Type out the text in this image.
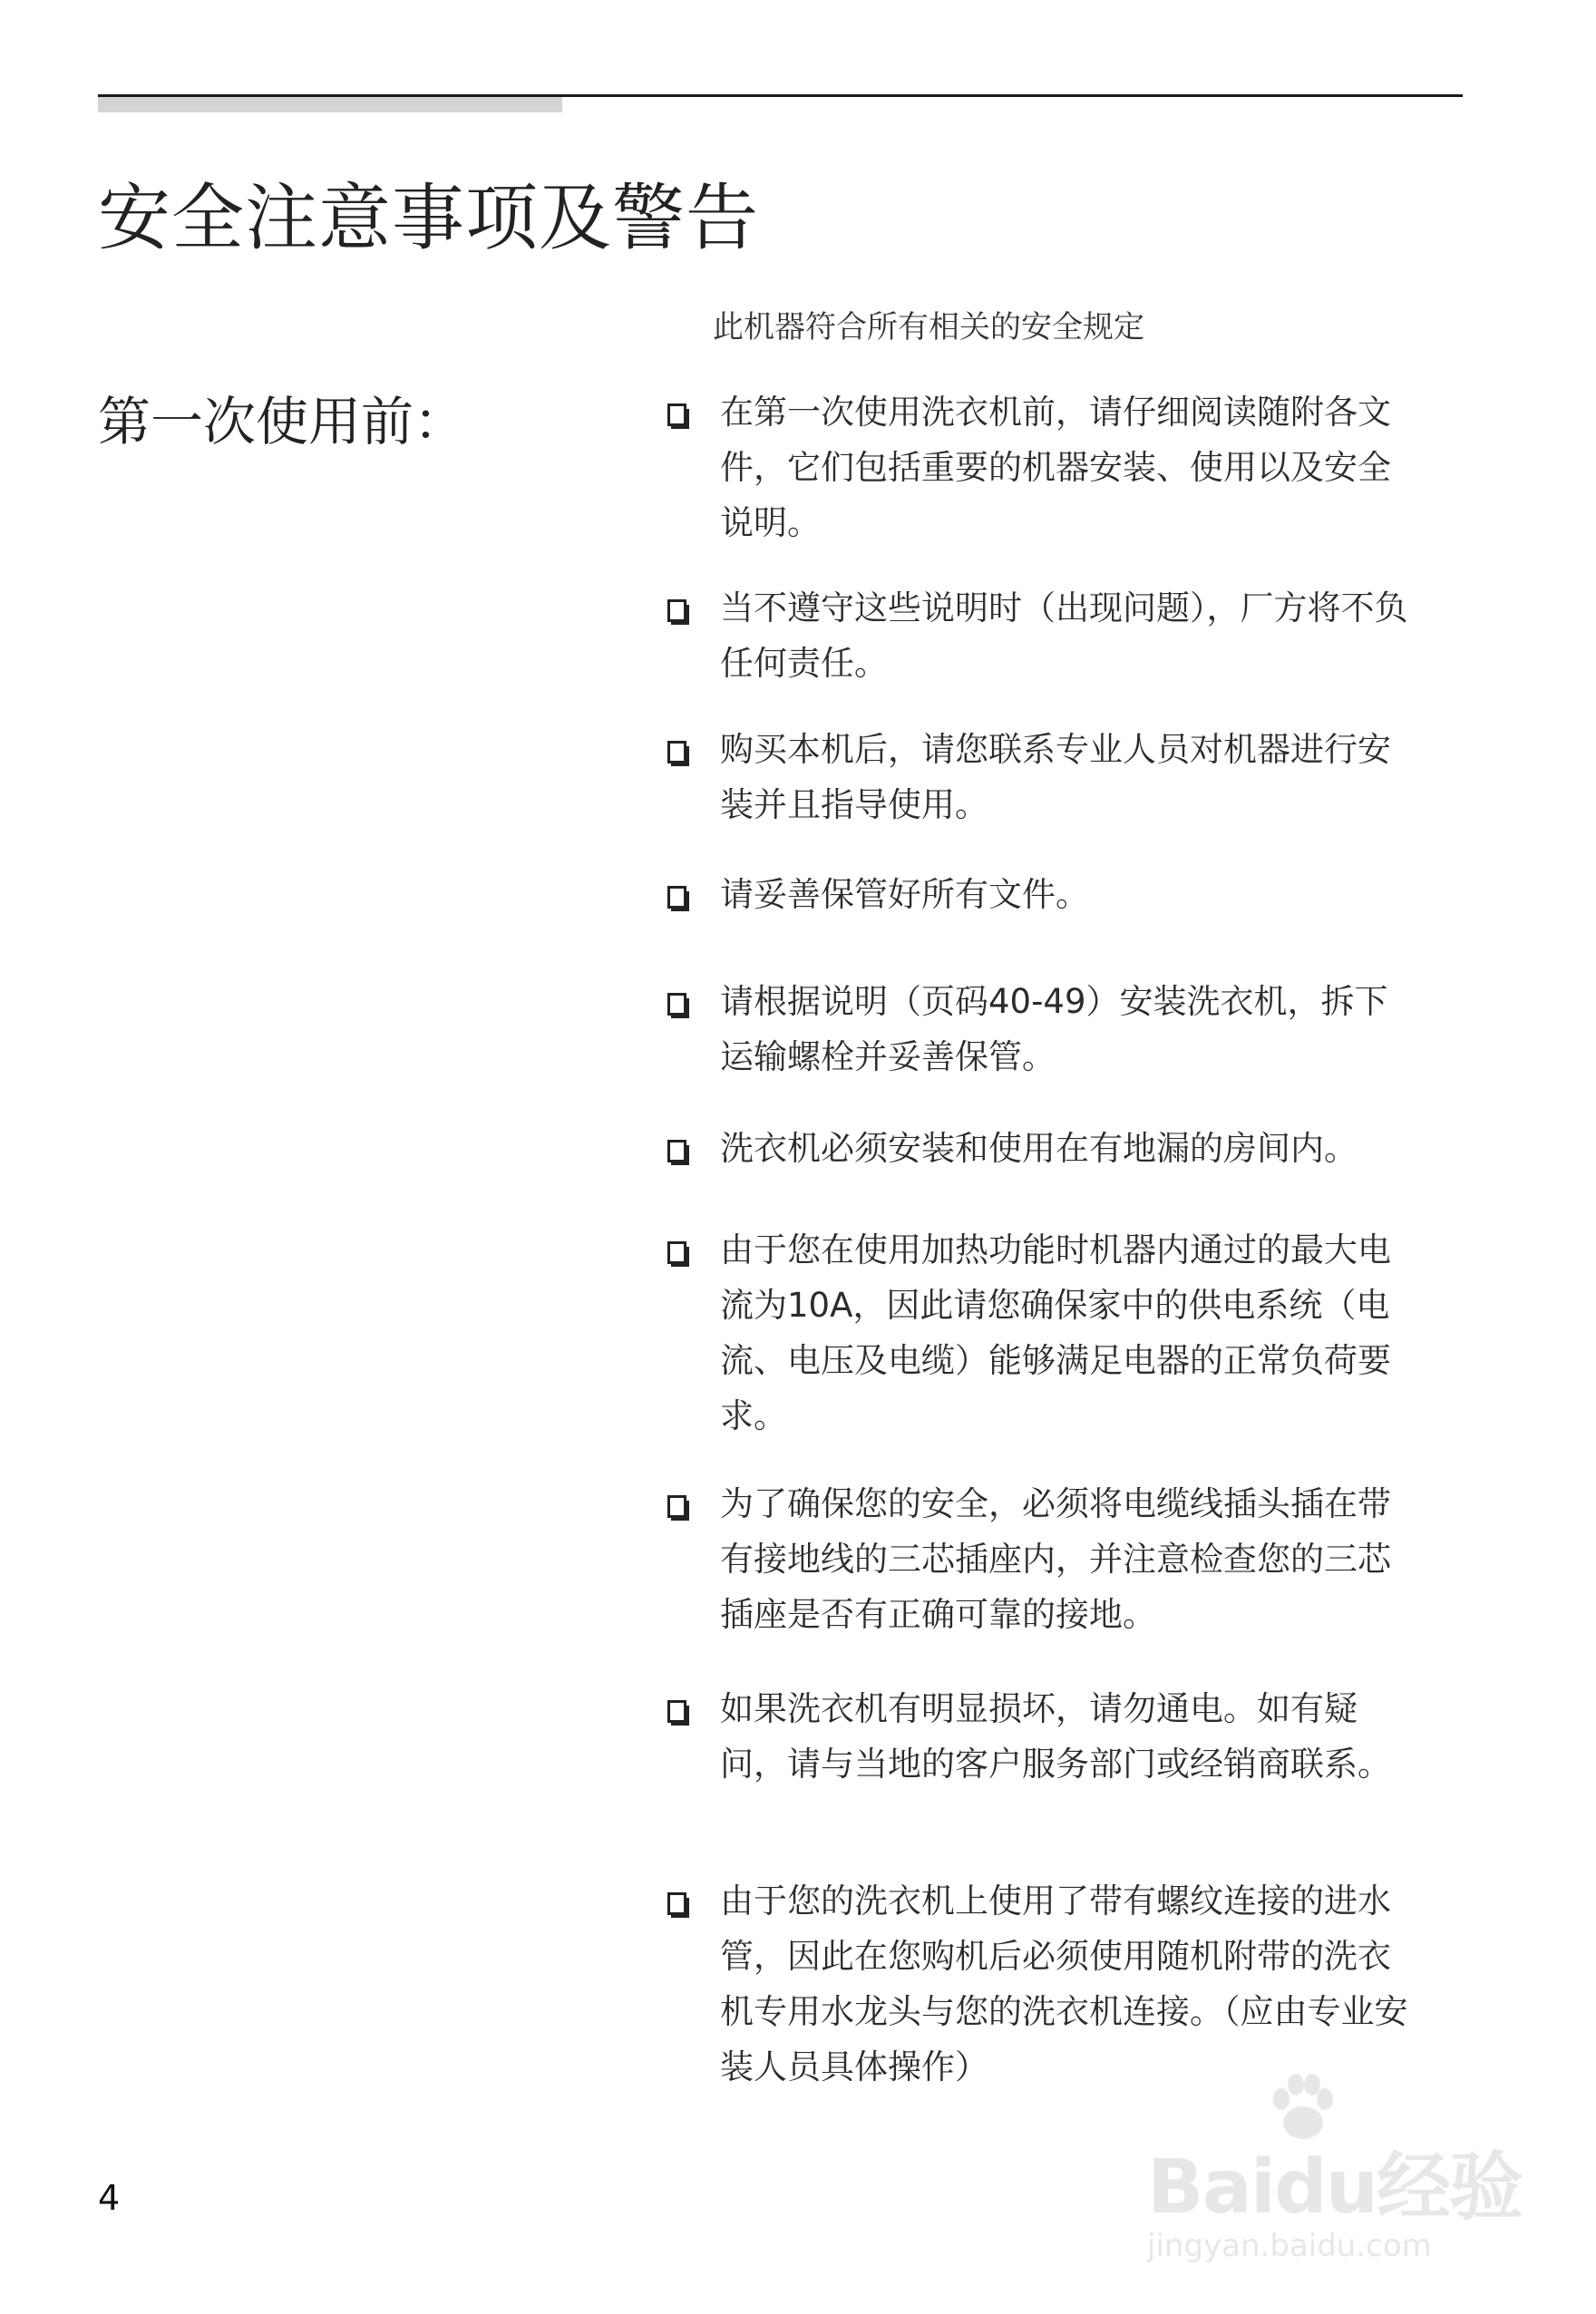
安全注意事项及警告
此机器符合所有相关的安全规定
第一次使用前：	在第一次使用洗衣机前，请仔细阅读随附各文件，它们包括重要的机器安装、使用以及安全说明。
当不遵守这些说明时（出现问题），厂方将不负任何责任。
购买本机后，请您联系专业人员对机器进行安装并且指导使用。
请妥善保管好所有文件。
请根据说明（页码40-49）安装洗衣机，拆下运输螺栓并妥善保管。
洗衣机必须安装和使用在有地漏的房间内。
由于您在使用加热功能时机器内通过的最大电流为10A，因此请您确保家中的供电系统（电流、电压及电缆）能够满足电器的正常负荷要求。
为了确保您的安全，必须将电缆线插头插在带有接地线的三芯插座内，并注意检查您的三芯插座是否有正确可靠的接地。
如果洗衣机有明显损坏，请勿通电。如有疑问，请与当地的客户服务部门或经销商联系。
由于您的洗衣机上使用了带有螺纹连接的进水管，因此在您购机后必须使用随机附带的洗衣机专用水龙头与您的洗衣机连接。（应由专业安装人员具体操作）
4	Baidu经验
jingyan.baidu.com
